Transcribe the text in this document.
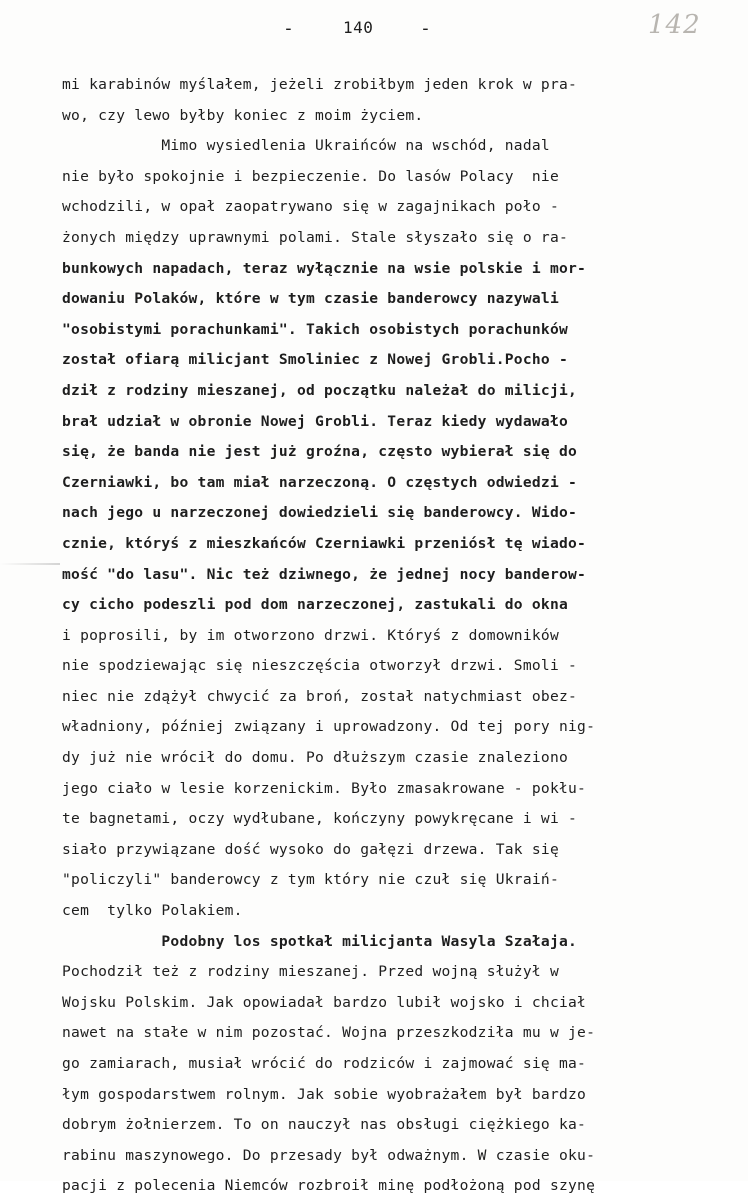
-	140	-	142
mi karabinów myślałem, jeżeli zrobiłbym jeden krok w pra-
wo, czy lewo byłby koniec z moim życiem.
Mimo wysiedlenia Ukraińców na wschód, nadal
nie było spokojnie i bezpieczenie. Do lasów Polacy  nie
wchodzili, w opał zaopatrywano się w zagajnikach poło -
żonych między uprawnymi polami. Stale słyszało się o ra-
bunkowych napadach, teraz wyłącznie na wsie polskie i mor-
dowaniu Polaków, które w tym czasie banderowcy nazywali
"osobistymi porachunkami". Takich osobistych porachunków
został ofiarą milicjant Smoliniec z Nowej Grobli.Pocho -
dził z rodziny mieszanej, od początku należał do milicji,
brał udział w obronie Nowej Grobli. Teraz kiedy wydawało
się, że banda nie jest już groźna, często wybierał się do
Czerniawki, bo tam miał narzeczoną. O częstych odwiedzi -
nach jego u narzeczonej dowiedzieli się banderowcy. Wido-
cznie, któryś z mieszkańców Czerniawki przeniósł tę wiado-
mość "do lasu". Nic też dziwnego, że jednej nocy banderow-
cy cicho podeszli pod dom narzeczonej, zastukali do okna
i poprosili, by im otworzono drzwi. Któryś z domowników
nie spodziewając się nieszczęścia otworzył drzwi. Smoli -
niec nie zdążył chwycić za broń, został natychmiast obez-
władniony, później związany i uprowadzony. Od tej pory nig-
dy już nie wrócił do domu. Po dłuższym czasie znaleziono
jego ciało w lesie korzenickim. Było zmasakrowane - pokłu-
te bagnetami, oczy wydłubane, kończyny powykręcane i wi -
siało przywiązane dość wysoko do gałęzi drzewa. Tak się
"policzyli" banderowcy z tym który nie czuł się Ukraiń-
cem  tylko Polakiem.
Podobny los spotkał milicjanta Wasyla Szałaja.
Pochodził też z rodziny mieszanej. Przed wojną służył w
Wojsku Polskim. Jak opowiadał bardzo lubił wojsko i chciał
nawet na stałe w nim pozostać. Wojna przeszkodziła mu w je-
go zamiarach, musiał wrócić do rodziców i zajmować się ma-
łym gospodarstwem rolnym. Jak sobie wyobrażałem był bardzo
dobrym żołnierzem. To on nauczył nas obsługi ciężkiego ka-
rabinu maszynowego. Do przesady był odważnym. W czasie oku-
pacji z polecenia Niemców rozbroił minę podłożoną pod szynę
